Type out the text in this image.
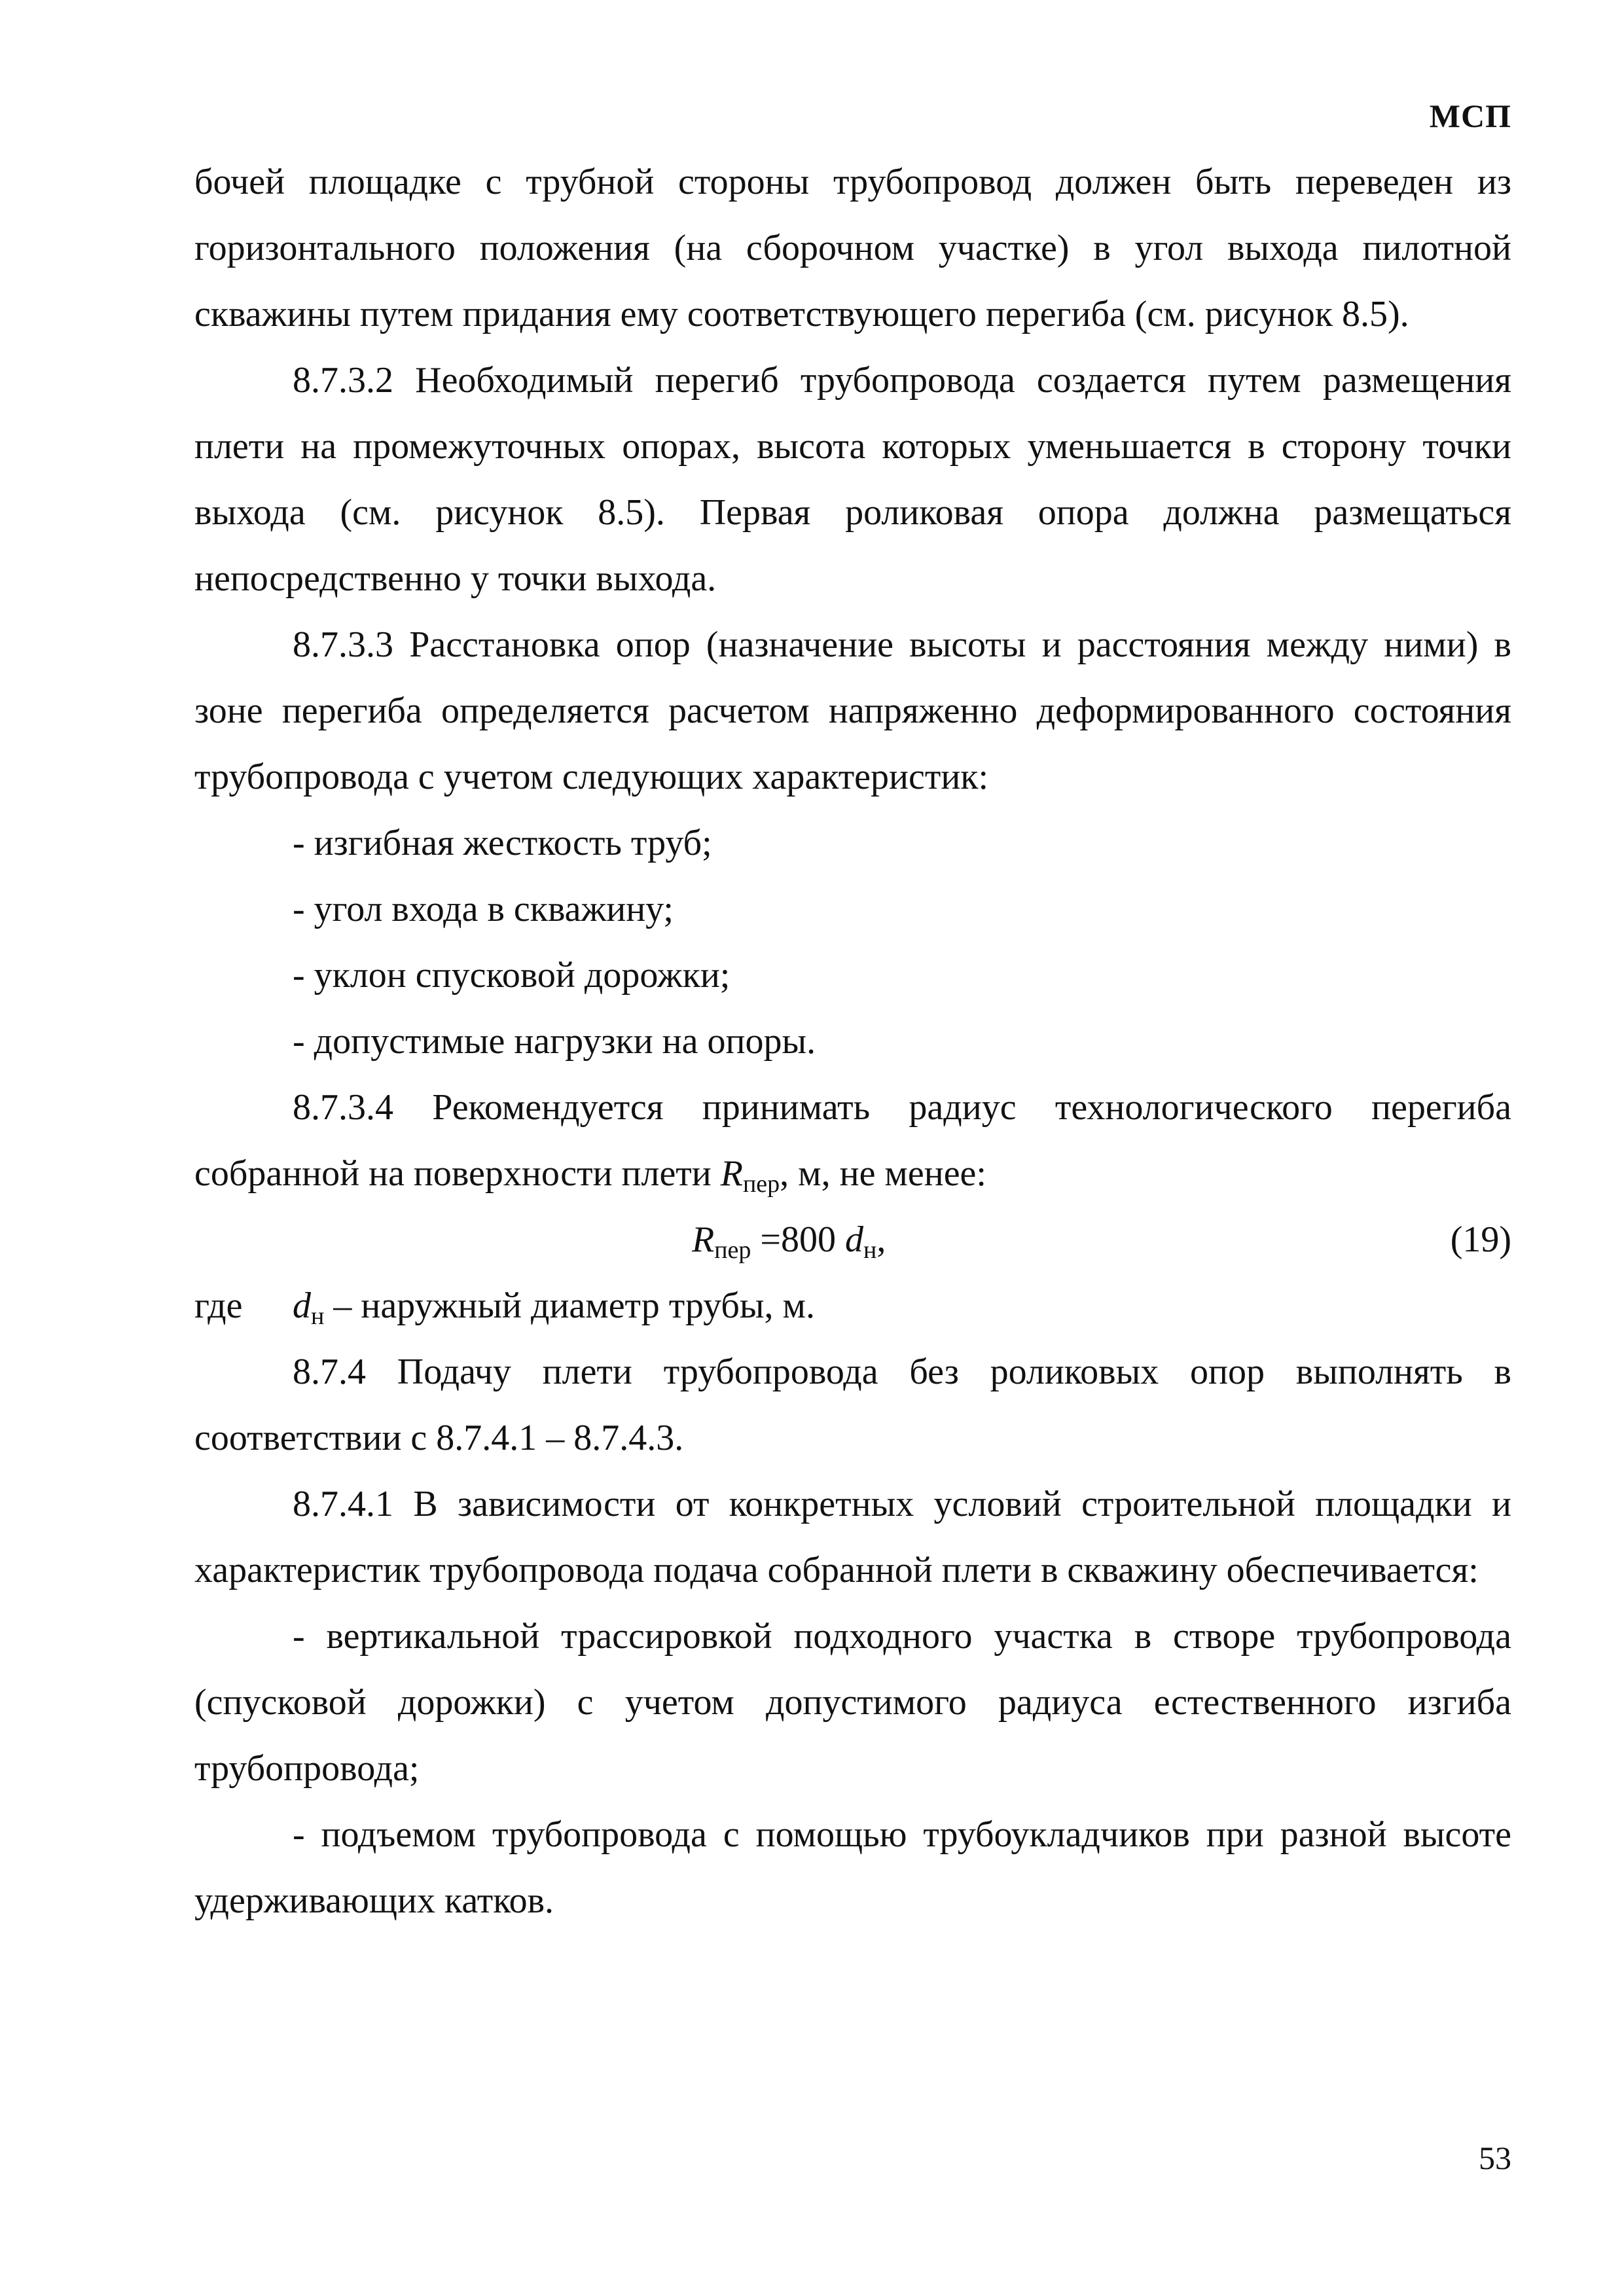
МСП

бочей площадке с трубной стороны трубопровод должен быть переведен из горизонтального положения (на сборочном участке) в угол выхода пилотной скважины путем придания ему соответствующего перегиба (см. рисунок 8.5).

8.7.3.2 Необходимый перегиб трубопровода создается путем размещения плети на промежуточных опорах, высота которых уменьшается в сторону точки выхода (см. рисунок 8.5). Первая роликовая опора должна размещаться непосредственно у точки выхода.

8.7.3.3 Расстановка опор (назначение высоты и расстояния между ними) в зоне перегиба определяется расчетом напряженно деформированного состояния трубопровода с учетом следующих характеристик:

- изгибная жесткость труб;

- угол входа в скважину;

- уклон спусковой дорожки;

- допустимые нагрузки на опоры.

8.7.3.4 Рекомендуется принимать радиус технологического перегиба собранной на поверхности плети $R_{пер}$, м, не менее:

$R_{пер} =800$ $d_н$,	(19)
где $d_н$ – наружный диаметр трубы, м.

8.7.4 Подачу плети трубопровода без роликовых опор выполнять в соответствии с 8.7.4.1 – 8.7.4.3.

8.7.4.1 В зависимости от конкретных условий строительной площадки и характеристик трубопровода подача собранной плети в скважину обеспечивается:

- вертикальной трассировкой подходного участка в створе трубопровода (спусковой дорожки) с учетом допустимого радиуса естественного изгиба трубопровода;

- подъемом трубопровода с помощью трубоукладчиков при разной высоте удерживающих катков.

53
